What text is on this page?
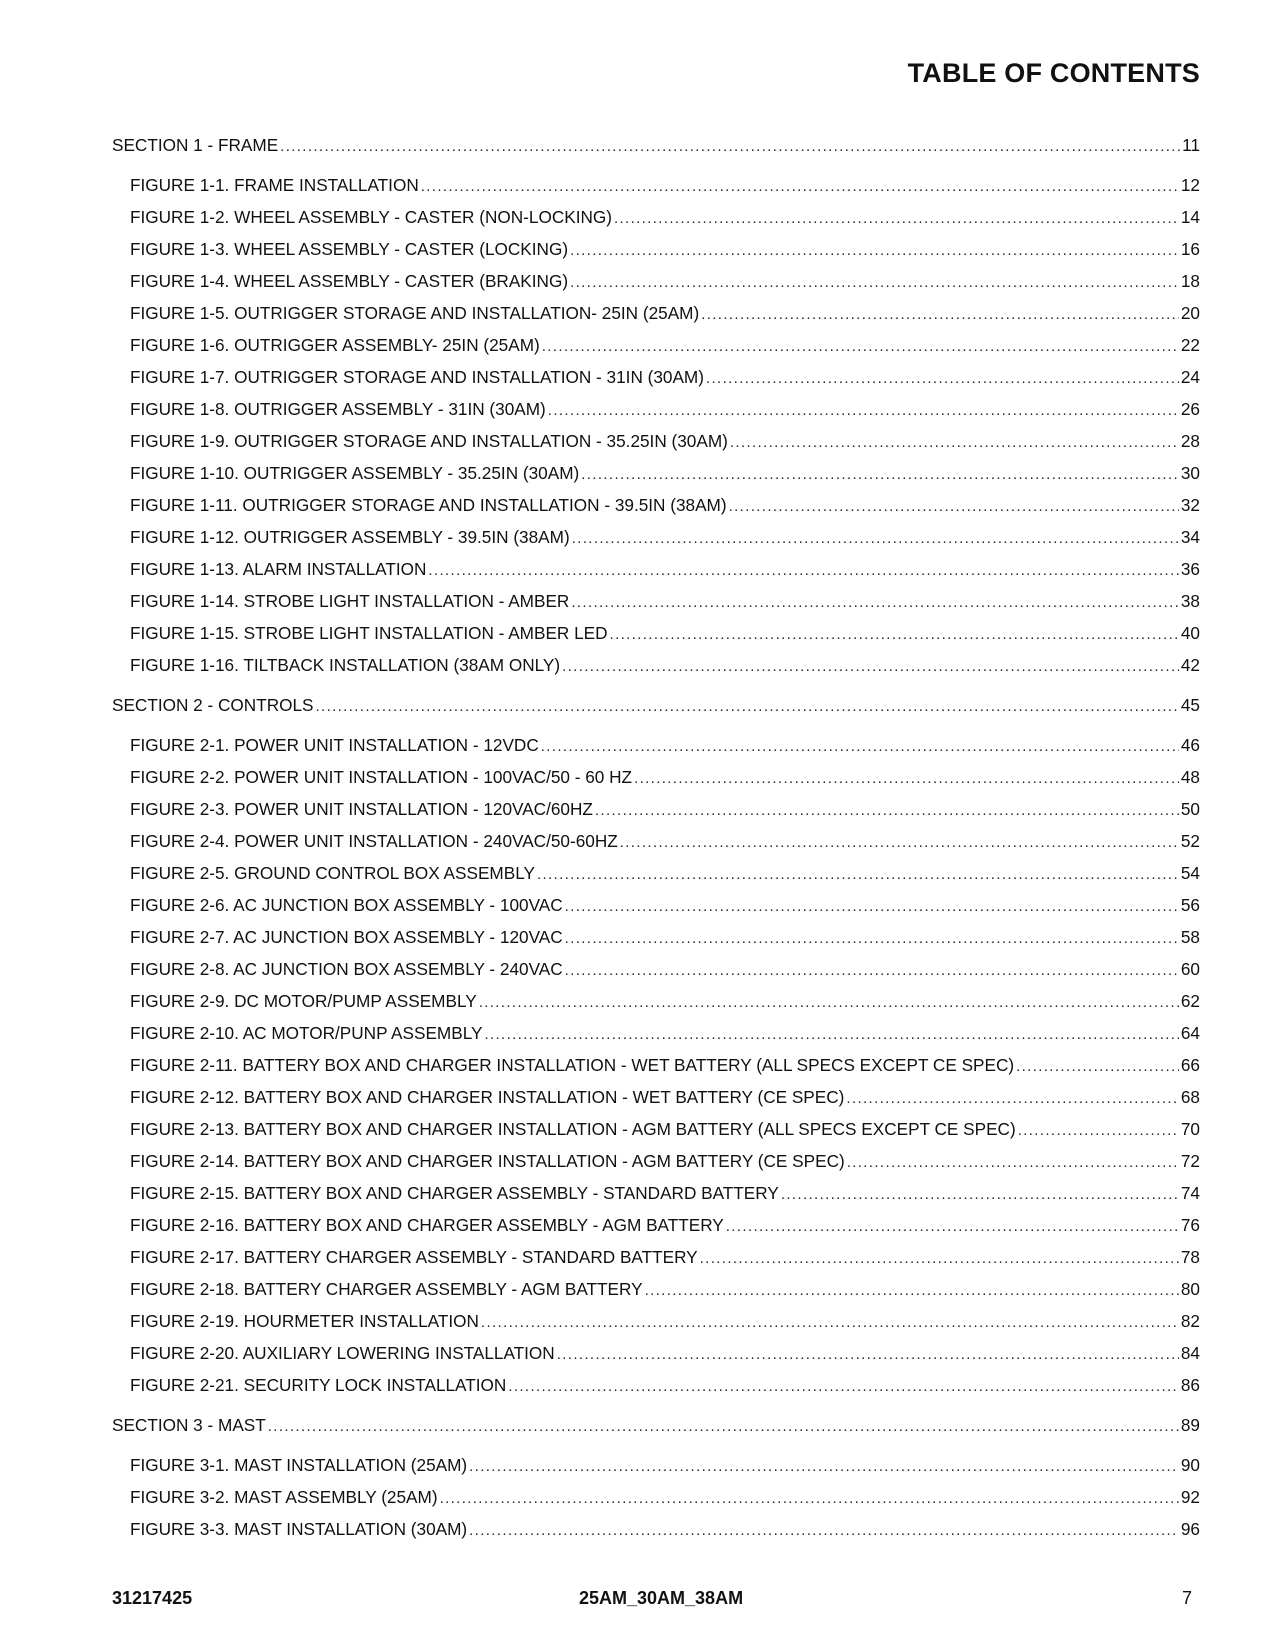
TABLE OF CONTENTS
SECTION 1 - FRAME . . .	11
FIGURE 1-1. FRAME INSTALLATION . . .	12
FIGURE 1-2. WHEEL ASSEMBLY - CASTER (NON-LOCKING) . . .	14
FIGURE 1-3. WHEEL ASSEMBLY - CASTER (LOCKING) . . .	16
FIGURE 1-4. WHEEL ASSEMBLY - CASTER (BRAKING) . . .	18
FIGURE 1-5. OUTRIGGER STORAGE AND INSTALLATION- 25IN (25AM) . . .	20
FIGURE 1-6. OUTRIGGER ASSEMBLY- 25IN (25AM) . . .	22
FIGURE 1-7. OUTRIGGER STORAGE AND INSTALLATION - 31IN (30AM) . . .	24
FIGURE 1-8. OUTRIGGER ASSEMBLY - 31IN (30AM) . . .	26
FIGURE 1-9. OUTRIGGER STORAGE AND INSTALLATION - 35.25IN (30AM) . . .	28
FIGURE 1-10. OUTRIGGER ASSEMBLY - 35.25IN (30AM) . . .	30
FIGURE 1-11. OUTRIGGER STORAGE AND INSTALLATION - 39.5IN (38AM) . . .	32
FIGURE 1-12. OUTRIGGER ASSEMBLY - 39.5IN (38AM) . . .	34
FIGURE 1-13. ALARM INSTALLATION . . .	36
FIGURE 1-14. STROBE LIGHT INSTALLATION - AMBER . . .	38
FIGURE 1-15. STROBE LIGHT INSTALLATION - AMBER LED . . .	40
FIGURE 1-16. TILTBACK INSTALLATION (38AM ONLY) . . .	42
SECTION 2 - CONTROLS . . .	45
FIGURE 2-1. POWER UNIT INSTALLATION - 12VDC . . .	46
FIGURE 2-2. POWER UNIT INSTALLATION - 100VAC/50 - 60 HZ . . .	48
FIGURE 2-3. POWER UNIT INSTALLATION - 120VAC/60HZ . . .	50
FIGURE 2-4. POWER UNIT INSTALLATION - 240VAC/50-60HZ . . .	52
FIGURE 2-5. GROUND CONTROL BOX ASSEMBLY . . .	54
FIGURE 2-6. AC JUNCTION BOX ASSEMBLY - 100VAC . . .	56
FIGURE 2-7. AC JUNCTION BOX ASSEMBLY - 120VAC . . .	58
FIGURE 2-8. AC JUNCTION BOX ASSEMBLY - 240VAC . . .	60
FIGURE 2-9. DC MOTOR/PUMP ASSEMBLY . . .	62
FIGURE 2-10. AC MOTOR/PUNP ASSEMBLY . . .	64
FIGURE 2-11. BATTERY BOX AND CHARGER INSTALLATION - WET BATTERY (ALL SPECS EXCEPT CE SPEC) . . .	66
FIGURE 2-12. BATTERY BOX AND CHARGER INSTALLATION - WET BATTERY (CE SPEC) . . .	68
FIGURE 2-13. BATTERY BOX AND CHARGER INSTALLATION - AGM BATTERY (ALL SPECS EXCEPT CE SPEC) . . .	70
FIGURE 2-14. BATTERY BOX AND CHARGER INSTALLATION - AGM BATTERY (CE SPEC) . . .	72
FIGURE 2-15. BATTERY BOX AND CHARGER ASSEMBLY - STANDARD BATTERY . . .	74
FIGURE 2-16. BATTERY BOX AND CHARGER ASSEMBLY - AGM BATTERY . . .	76
FIGURE 2-17. BATTERY CHARGER ASSEMBLY - STANDARD BATTERY . . .	78
FIGURE 2-18. BATTERY CHARGER ASSEMBLY - AGM BATTERY . . .	80
FIGURE 2-19. HOURMETER INSTALLATION . . .	82
FIGURE 2-20. AUXILIARY LOWERING INSTALLATION . . .	84
FIGURE 2-21. SECURITY LOCK INSTALLATION . . .	86
SECTION 3 - MAST . . .	89
FIGURE 3-1. MAST INSTALLATION (25AM) . . .	90
FIGURE 3-2. MAST ASSEMBLY (25AM) . . .	92
FIGURE 3-3. MAST INSTALLATION (30AM) . . .	96
31217425	25AM_30AM_38AM	7
